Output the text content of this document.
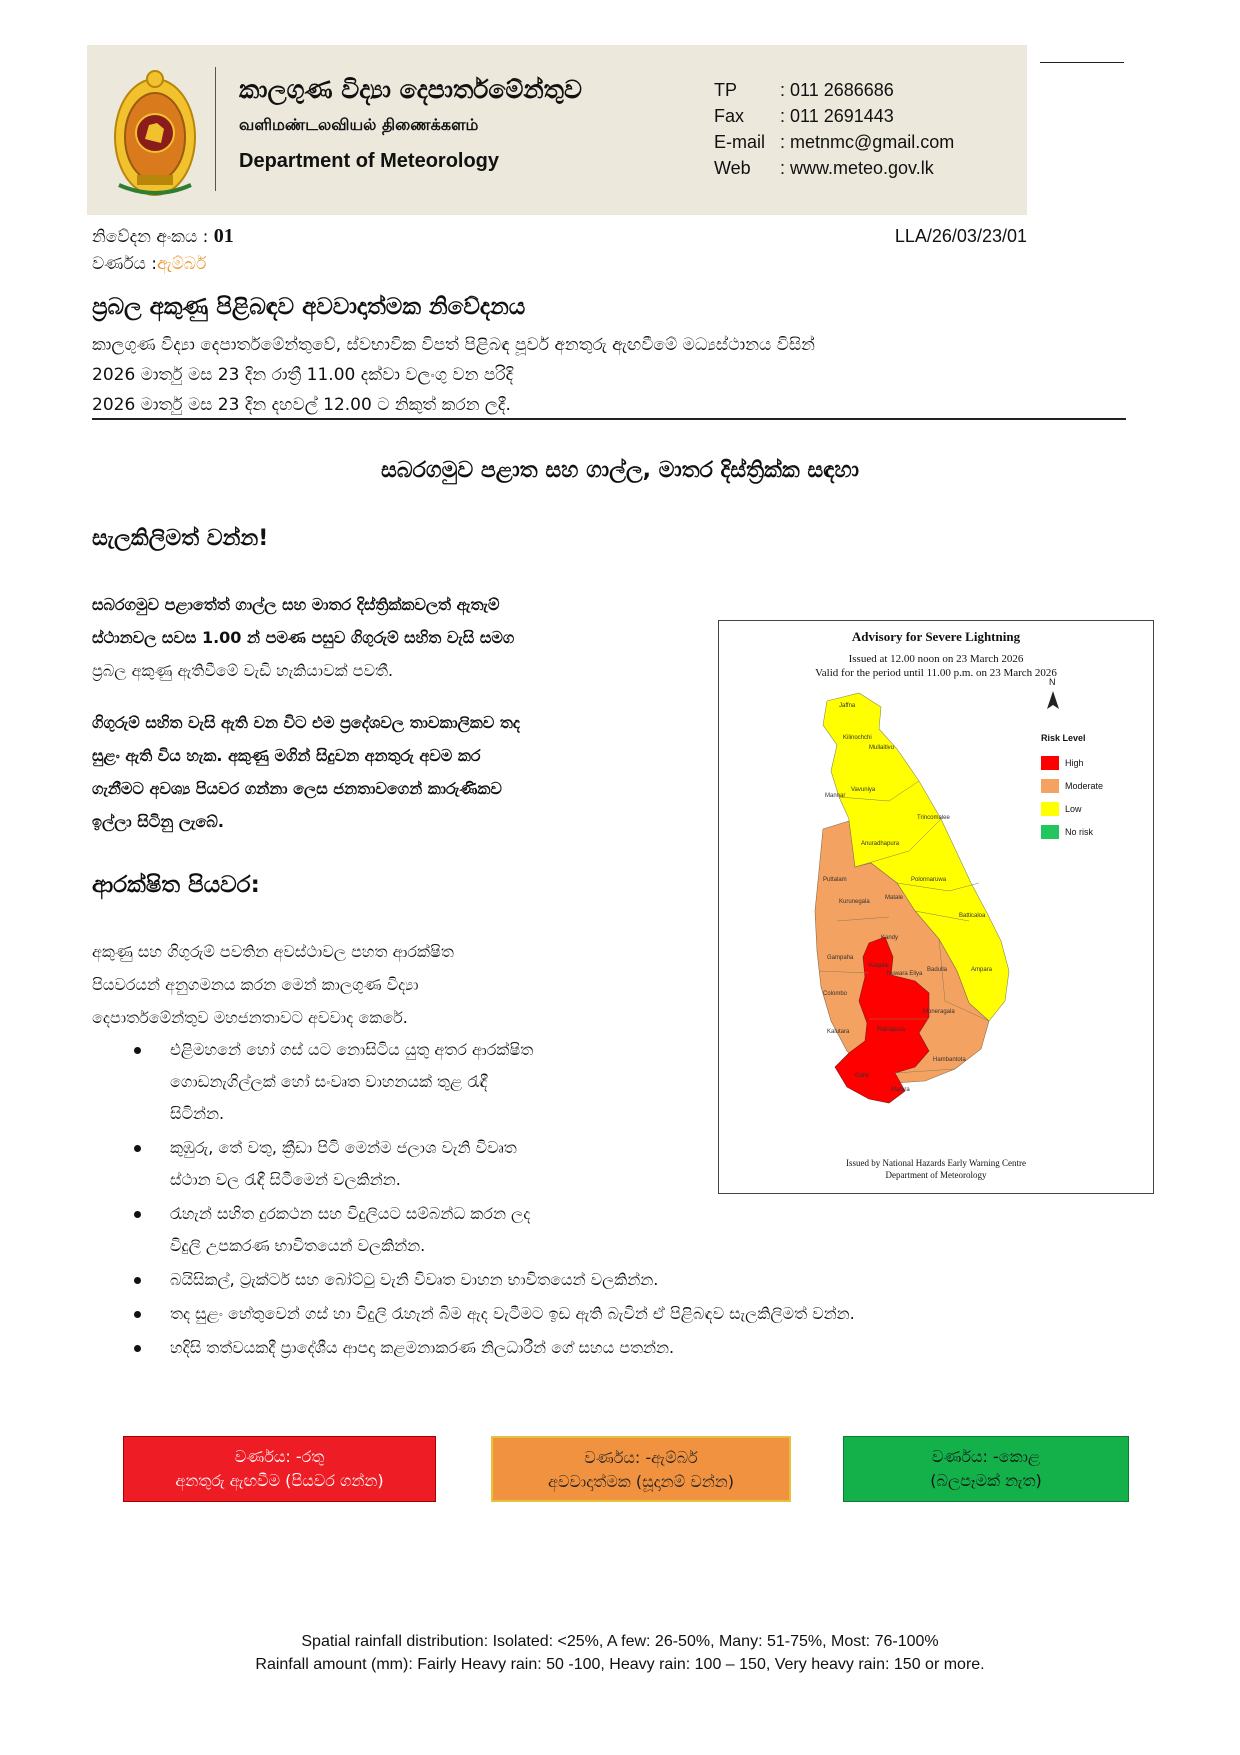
කාලගුණ විද්‍යා දෙපාර්තමේන්තුව
வளிமண்டலவியல் திணைக்களம்
Department of Meteorology
TP	: 011 2686686
Fax	: 011 2691443
E-mail : metnmc@gmail.com
Web	: www.meteo.gov.lk
නිවේදන අංකය : 01	LLA/26/03/23/01
වර්ණය : ඇම්බර්
ප්‍රබල අකුණු පිළිබඳව අවවාදාත්මක නිවේදනය
කාලගුණ විද්‍යා දෙපාර්තමේන්තුවේ, ස්වභාවික විපත් පිළිබඳ පූර්ව අනතුරු ඇඟවීමේ මධ්‍යස්ථානය විසින්
2026 මාර්තු මස 23 දින රාත්‍රී 11.00 දක්වා වලංගු වන පරිදි
2026 මාර්තු මස 23 දින දහවල් 12.00 ට නිකුත් කරන ලදී.
සබරගමුව පළාත සහ ගාල්ල, මාතර දිස්ත්‍රික්ක සඳහා
සැලකිලිමත් වන්න!
සබරගමුව පළාතේත් ගාල්ල සහ මාතර දිස්ත්‍රික්කවලත් ඇතැම්
ස්ථානවල සවස 1.00 න් පමණ පසුව ගිගුරුම් සහිත වැසි සමග
ප්‍රබල අකුණු ඇතිවීමේ වැඩි හැකියාවක් පවතී.
ගිගුරුම් සහිත වැසි ඇති වන විට එම ප්‍රදේශවල තාවකාලිකව තද
සුළං ඇති විය හැක. අකුණු මගින් සිදුවන අනතුරු අවම කර
ගැනීමට අවශ්‍ය පියවර ගන්නා ලෙස ජනතාවගෙන් කාරුණිකව
ඉල්ලා සිටිනු ලැබේ.
ආරක්ෂිත පියවර:
අකුණු සහ ගිගුරුම් පවතින අවස්ථාවල පහත ආරක්ෂිත
පියවරයන් අනුගමනය කරන මෙන් කාලගුණ විද්‍යා
දෙපාර්තමේන්තුව මහජනතාවට අවවාද කෙරේ.
එළිමහනේ හෝ ගස් යට නොසිටිය යුතු අතර ආරක්ෂිත
ගොඩනැගිල්ලක් හෝ සංවෘත වාහනයක් තුළ රැඳී
සිටින්න.
කුඹුරු, තේ වතු, ක්‍රීඩා පිටි මෙන්ම ජලාශ වැනි විවෘත
ස්ථාන වල රැඳී සිටීමෙන් වලකින්න.
රැහැන් සහිත දුරකථන සහ විදුලියට සම්බන්ධ කරන ලද
විදුලි උපකරණ භාවිතයෙන් වලකින්න.
බයිසිකල්, ට්‍රැක්ටර් සහ බෝට්ටු වැනි විවෘත වාහන භාවිතයෙන් වලකින්න.
තද සුළං හේතුවෙන් ගස් හා විදුලි රැහැන් බිම ඇද වැටීමට ඉඩ ඇති බැවින් ඒ පිළිබඳව සැලකිලිමත් වන්න.
හදිසි තත්වයකදී ප්‍රාදේශීය ආපදා කළමනාකරණ නිලධාරීන් ගේ සහය පතන්න.
Advisory for Severe Lightning
Issued at 12.00 noon on 23 March 2026
Valid for the period until 11.00 p.m. on 23 March 2026
Jaffna
Kilinochchi
Mullaitivu
Vavuniya
Mannar
Trincomalee
Anuradhapura
Puttalam	Polonnaruwa
Kurunegala
Matale
Batticaloa
Ampara
Kandy
Gampaha
Kegalle
Nuwara Eliya
Badulla
Colombo
Moneragala
Kalutara	Ratnapura
Galle
Matara
Hambantota
N
Risk Level
High
Moderate
Low
No risk
Issued by National Hazards Early Warning Centre
Department of Meteorology
වර්ණය: -රතු
අනතුරු ඇඟවීම (පියවර ගන්න)
වර්ණය: -ඇම්බර්
අවවාදාත්මක (සූදානම් වන්න)
වර්ණය: -කොළ
(බලපෑමක් නැත)
Spatial rainfall distribution: Isolated: <25%, A few: 26-50%, Many: 51-75%, Most: 76-100%
Rainfall amount (mm): Fairly Heavy rain: 50 -100, Heavy rain: 100 – 150, Very heavy rain: 150 or more.
